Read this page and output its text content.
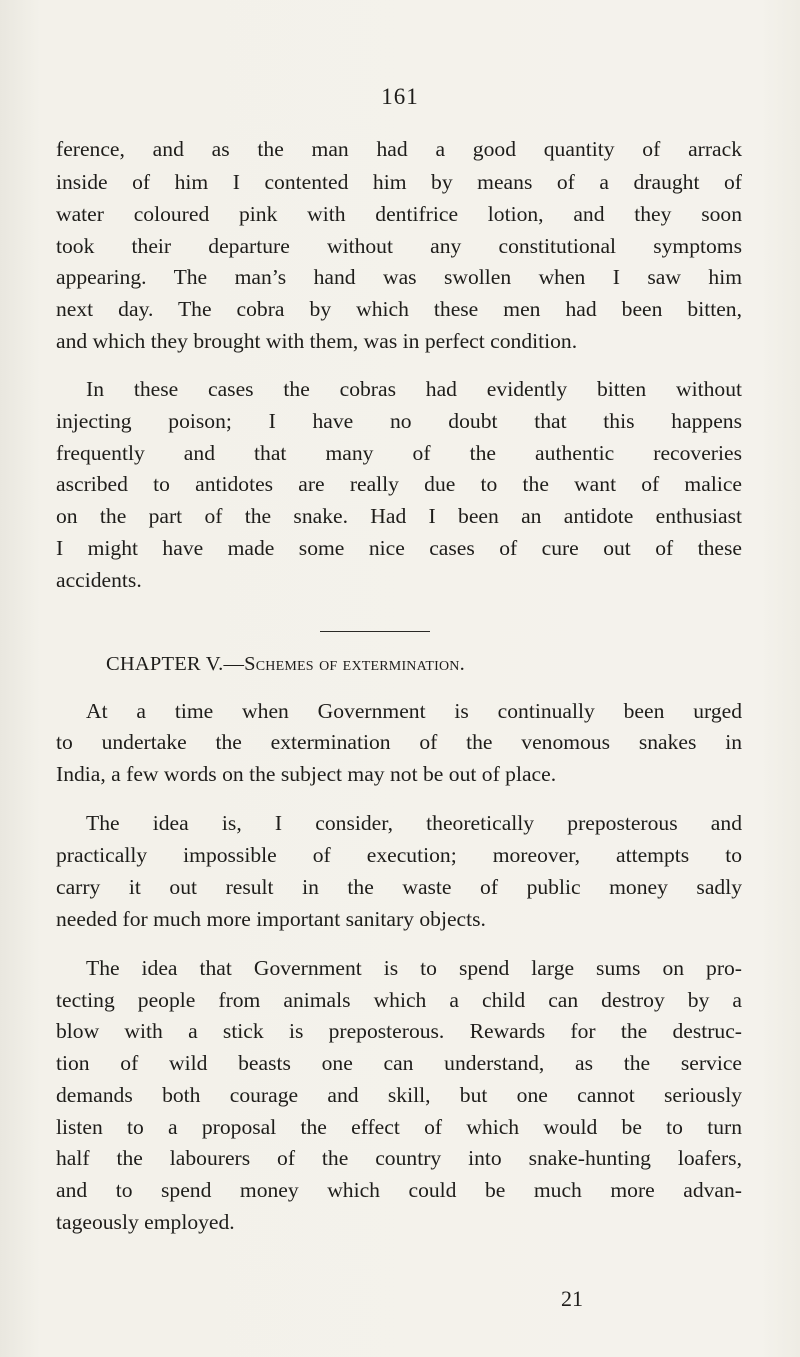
161
ference, and as the man had a good quantity of arrack
inside of him I contented him by means of a draught of
water coloured pink with dentifrice lotion, and they soon
took their departure without any constitutional symptoms
appearing. The man’s hand was swollen when I saw him
next day. The cobra by which these men had been bitten,
and which they brought with them, was in perfect condition.
In these cases the cobras had evidently bitten without
injecting poison; I have no doubt that this happens
frequently and that many of the authentic recoveries
ascribed to antidotes are really due to the want of malice
on the part of the snake. Had I been an antidote enthusiast
I might have made some nice cases of cure out of these
accidents.
CHAPTER V.—Schemes of extermination.
At a time when Government is continually been urged
to undertake the extermination of the venomous snakes in
India, a few words on the subject may not be out of place.
The idea is, I consider, theoretically preposterous and
practically impossible of execution; moreover, attempts to
carry it out result in the waste of public money sadly
needed for much more important sanitary objects.
The idea that Government is to spend large sums on pro-
tecting people from animals which a child can destroy by a
blow with a stick is preposterous. Rewards for the destruc-
tion of wild beasts one can understand, as the service
demands both courage and skill, but one cannot seriously
listen to a proposal the effect of which would be to turn
half the labourers of the country into snake-hunting loafers,
and to spend money which could be much more advan-
tageously employed.
21
